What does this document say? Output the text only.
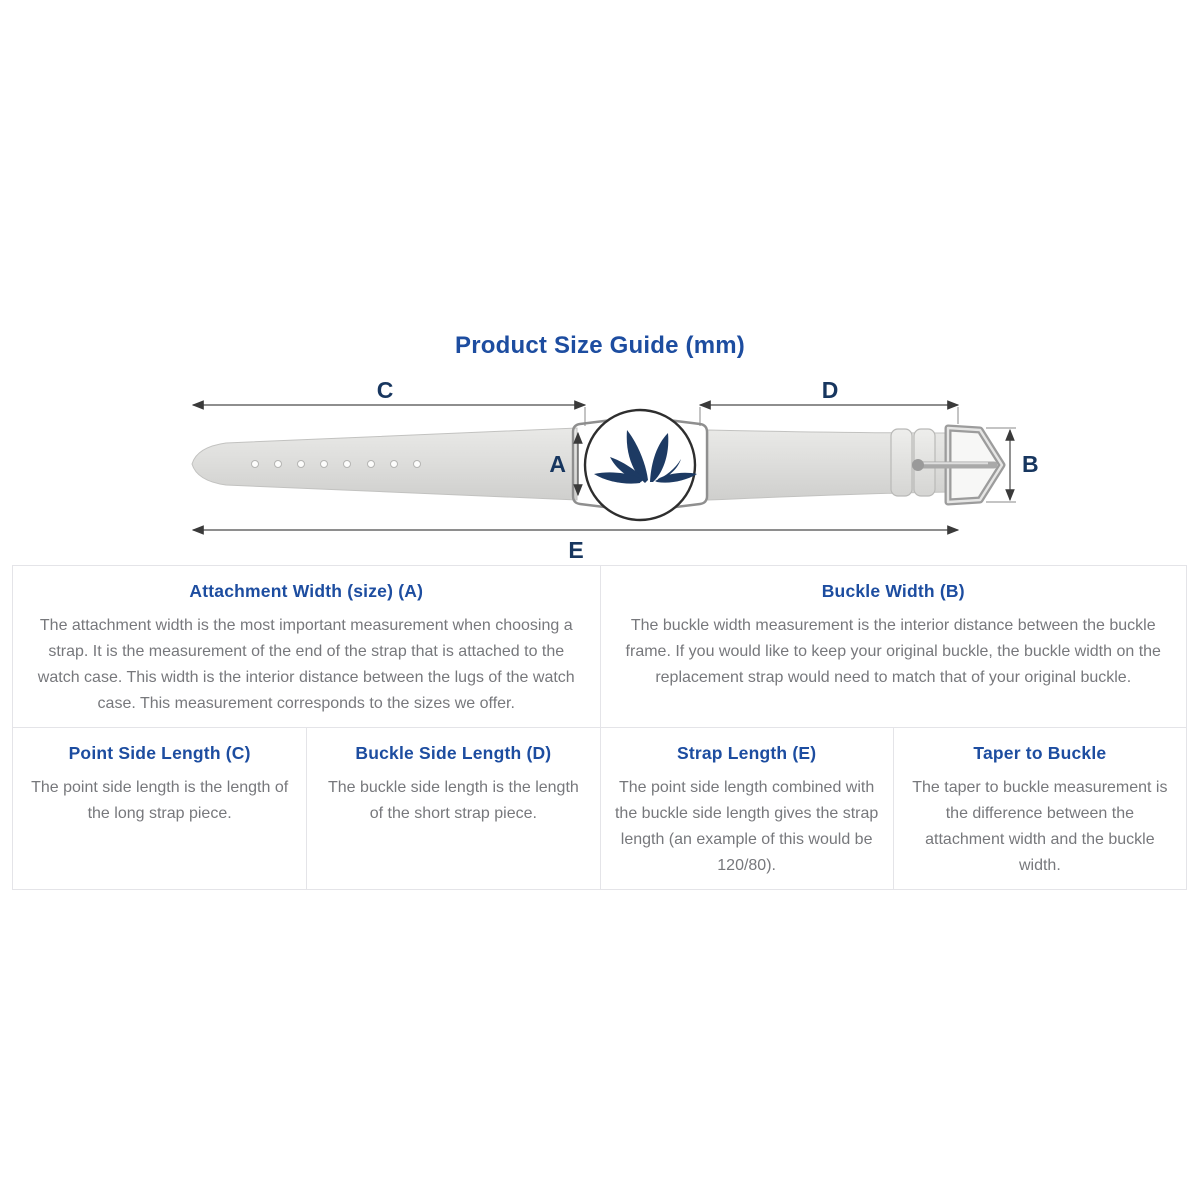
Product Size Guide (mm)
C	D
E
A	B
Attachment Width (size) (A)

The attachment width is the most important measurement when choosing a strap. It is the measurement of the end of the strap that is attached to the watch case. This width is the interior distance between the lugs of the watch case. This measurement corresponds to the sizes we offer.

Buckle Width (B)

The buckle width measurement is the interior distance between the buckle frame. If you would like to keep your original buckle, the buckle width on the replacement strap would need to match that of your original buckle.

Point Side Length (C)

The point side length is the length of the long strap piece.

Buckle Side Length (D)

The buckle side length is the length of the short strap piece.

Strap Length (E)

The point side length combined with the buckle side length gives the strap length (an example of this would be 120/80).

Taper to Buckle

The taper to buckle measurement is the difference between the attachment width and the buckle width.
